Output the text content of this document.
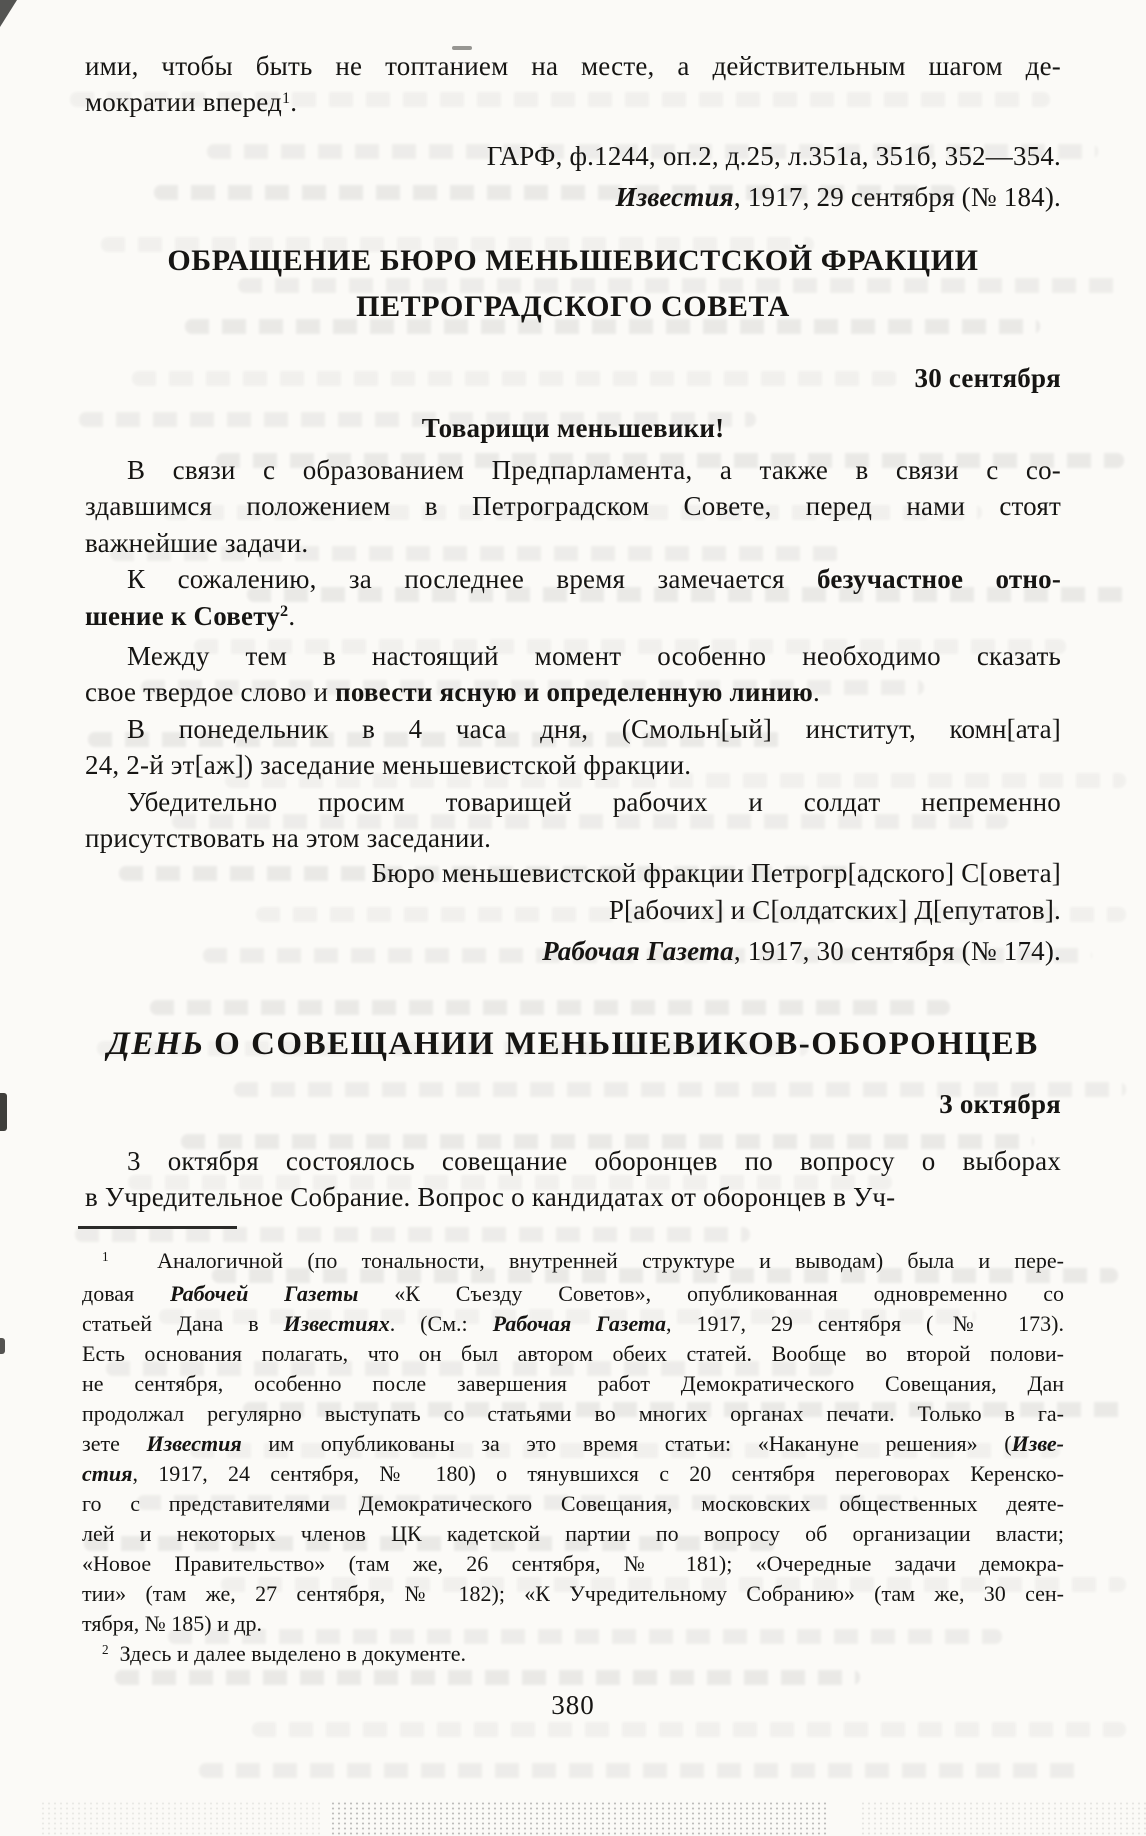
ими, чтобы быть не топтанием на месте, а действительным шагом де-
мократии вперед$^1$.
ГАРФ, ф.1244, оп.2, д.25, л.351а, 351б, 352—354.
Известия, 1917, 29 сентября (№ 184).
ОБРАЩЕНИЕ БЮРО МЕНЬШЕВИСТСКОЙ ФРАКЦИИ
ПЕТРОГРАДСКОГО СОВЕТА
30 сентября
Товарищи меньшевики!
В связи с образованием Предпарламента, а также в связи с со-
здавшимся положением в Петроградском Совете, перед нами стоят
важнейшие задачи.
К сожалению, за последнее время замечается безучастное отно-
шение к Совету$^2$.
Между тем в настоящий момент особенно необходимо сказать
свое твердое слово и повести ясную и определенную линию.
В понедельник в 4 часа дня, (Смольн[ый] институт, комн[ата]
24, 2-й эт[аж]) заседание меньшевистской фракции.
Убедительно просим товарищей рабочих и солдат непременно
присутствовать на этом заседании.
Бюро меньшевистской фракции Петрогр[адского] С[овета]
Р[абочих] и С[олдатских] Д[епутатов].
Рабочая Газета, 1917, 30 сентября (№ 174).
ДЕНЬ О СОВЕЩАНИИ МЕНЬШЕВИКОВ-ОБОРОНЦЕВ
3 октября
3 октября состоялось совещание оборонцев по вопросу о выборах
в Учредительное Собрание. Вопрос о кандидатах от оборонцев в Уч-
$^1$  Аналогичной (по тональности, внутренней структуре и выводам) была и пере-
довая Рабочей Газеты «К Съезду Советов», опубликованная одновременно со
статьей Дана в Известиях. (См.: Рабочая Газета, 1917, 29 сентября (№ 173).
Есть основания полагать, что он был автором обеих статей. Вообще во второй полови-
не сентября, особенно после завершения работ Демократического Совещания, Дан
продолжал регулярно выступать со статьями во многих органах печати. Только в га-
зете Известия им опубликованы за это время статьи: «Накануне решения» (Изве-
стия, 1917, 24 сентября, № 180) о тянувшихся с 20 сентября переговорах Керенско-
го с представителями Демократического Совещания, московских общественных деяте-
лей и некоторых членов ЦК кадетской партии по вопросу об организации власти;
«Новое Правительство» (там же, 26 сентября, № 181); «Очередные задачи демокра-
тии» (там же, 27 сентября, № 182); «К Учредительному Собранию» (там же, 30 сен-
тября, № 185) и др.
$^2$  Здесь и далее выделено в документе.
380
